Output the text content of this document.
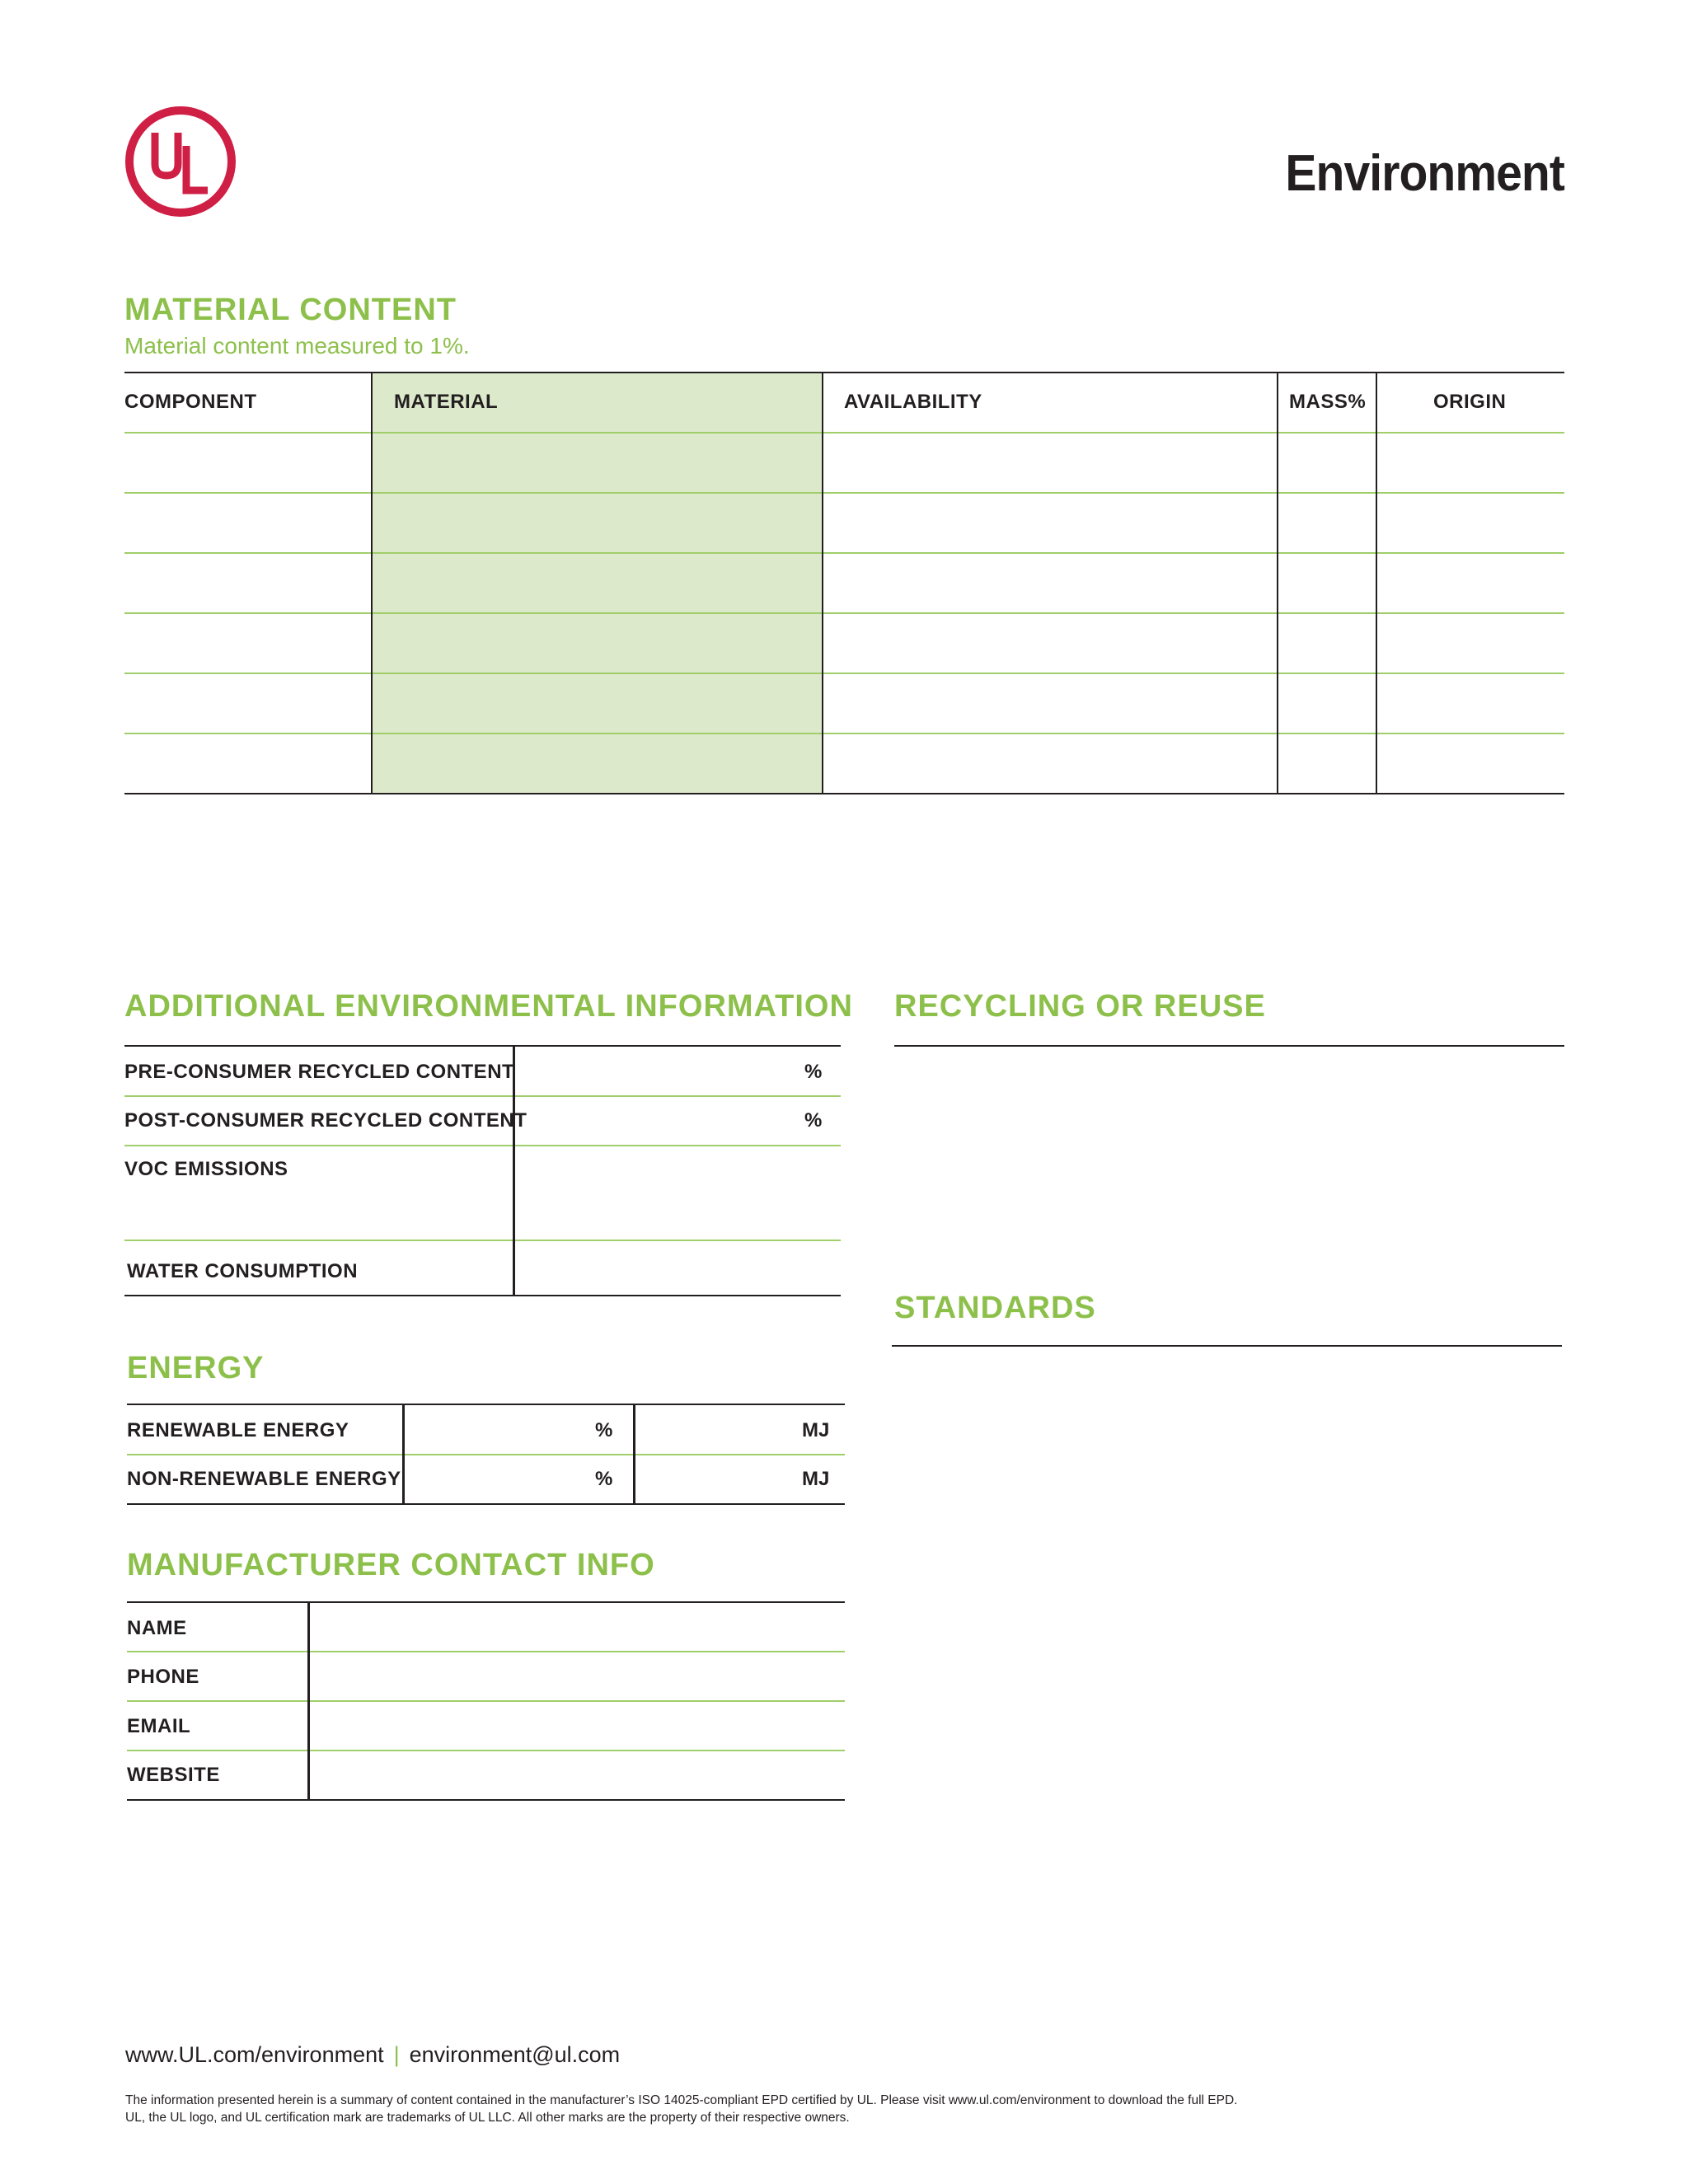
Environment
MATERIAL CONTENT
Material content measured to 1%.
COMPONENT	MATERIAL	AVAILABILITY	MASS%	ORIGIN
ADDITIONAL ENVIRONMENTAL INFORMATION
PRE-CONSUMER RECYCLED CONTENT	%
POST-CONSUMER RECYCLED CONTENT	%
VOC EMISSIONS
WATER CONSUMPTION
RECYCLING OR REUSE
STANDARDS
ENERGY
RENEWABLE ENERGY	%	MJ
NON-RENEWABLE ENERGY	%	MJ
MANUFACTURER CONTACT INFO
NAME
PHONE
EMAIL
WEBSITE
www.UL.com/environment | environment@ul.com
The information presented herein is a summary of content contained in the manufacturer’s ISO 14025-compliant EPD certified by UL. Please visit www.ul.com/environment to download the full EPD.
UL, the UL logo, and UL certification mark are trademarks of UL LLC. All other marks are the property of their respective owners.
